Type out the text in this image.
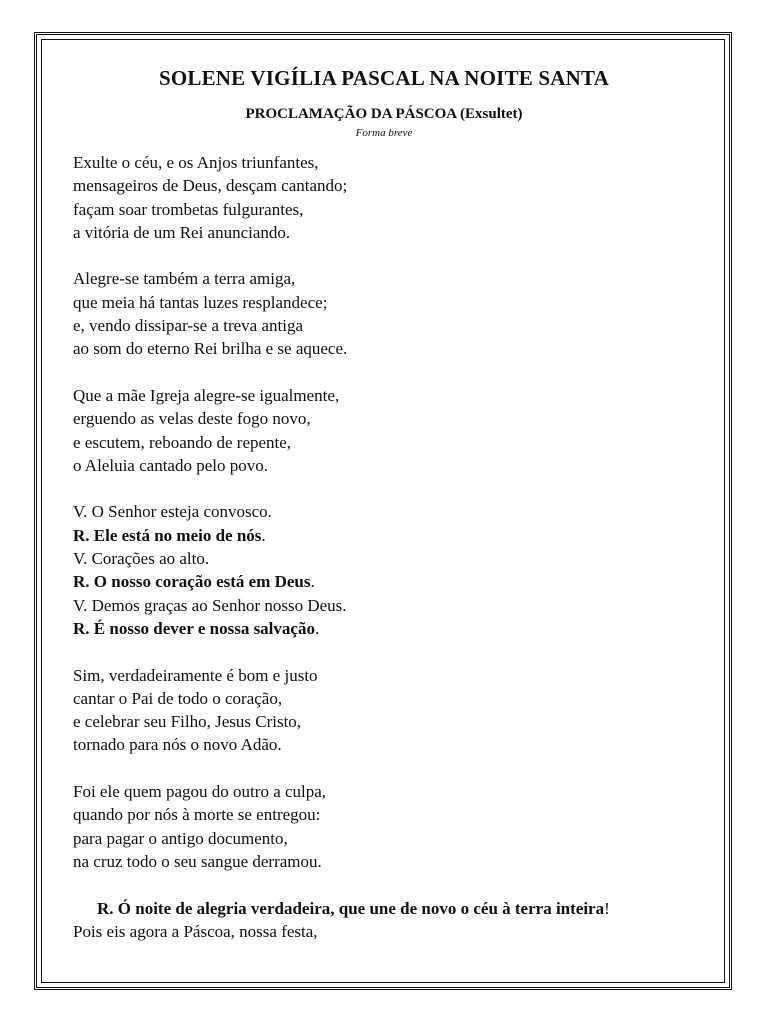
SOLENE VIGÍLIA PASCAL NA NOITE SANTA

PROCLAMAÇÃO DA PÁSCOA (Exsultet)

Forma breve

Exulte o céu, e os Anjos triunfantes,
mensageiros de Deus, desçam cantando;
façam soar trombetas fulgurantes,
a vitória de um Rei anunciando.
Alegre-se também a terra amiga,
que meia há tantas luzes resplandece;
e, vendo dissipar-se a treva antiga
ao som do eterno Rei brilha e se aquece.
Que a mãe Igreja alegre-se igualmente,
erguendo as velas deste fogo novo,
e escutem, reboando de repente,
o Aleluia cantado pelo povo.
V. O Senhor esteja convosco.
R. Ele está no meio de nós.
V. Corações ao alto.
R. O nosso coração está em Deus.
V. Demos graças ao Senhor nosso Deus.
R. É nosso dever e nossa salvação.
Sim, verdadeiramente é bom e justo
cantar o Pai de todo o coração,
e celebrar seu Filho, Jesus Cristo,
tornado para nós o novo Adão.
Foi ele quem pagou do outro a culpa,
quando por nós à morte se entregou:
para pagar o antigo documento,
na cruz todo o seu sangue derramou.
R. Ó noite de alegria verdadeira, que une de novo o céu à terra inteira!
Pois eis agora a Páscoa, nossa festa,
